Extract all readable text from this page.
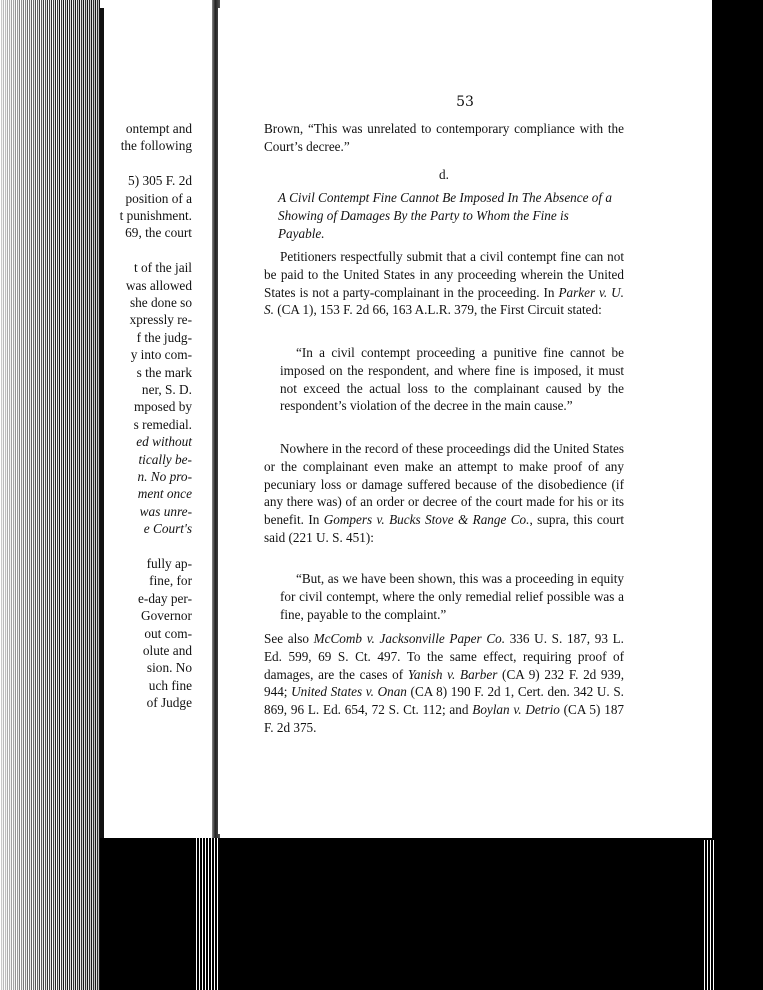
ontempt and
the following
5) 305 F. 2d
position of a
t punishment.
69, the court
t of the jail
was allowed
she done so
xpressly re-
f the judg-
y into com-
s the mark
ner, S. D.
mposed by
s remedial.
ed without
tically be-
n. No pro-
ment once
was unre-
e Court's
fully ap-
fine, for
e-day per-
Governor
out com-
olute and
sion. No
uch fine
of Judge
53

Brown, “This was unrelated to contemporary compliance with the Court’s decree.”

d.
A Civil Contempt Fine Cannot Be Imposed In The Absence of a Showing of Damages By the Party to Whom the Fine is Payable.

Petitioners respectfully submit that a civil contempt fine can not be paid to the United States in any proceeding wherein the United States is not a party-complainant in the proceeding. In Parker v. U. S. (CA 1), 153 F. 2d 66, 163 A.L.R. 379, the First Circuit stated:

“In a civil contempt proceeding a punitive fine cannot be imposed on the respondent, and where fine is imposed, it must not exceed the actual loss to the complainant caused by the respondent’s violation of the decree in the main cause.”

Nowhere in the record of these proceedings did the United States or the complainant even make an attempt to make proof of any pecuniary loss or damage suffered because of the disobedience (if any there was) of an order or decree of the court made for his or its benefit. In Gompers v. Bucks Stove & Range Co., supra, this court said (221 U. S. 451):

“But, as we have been shown, this was a proceeding in equity for civil contempt, where the only remedial relief possible was a fine, payable to the complaint.”

See also McComb v. Jacksonville Paper Co. 336 U. S. 187, 93 L. Ed. 599, 69 S. Ct. 497. To the same effect, requiring proof of damages, are the cases of Yanish v. Barber (CA 9) 232 F. 2d 939, 944; United States v. Onan (CA 8) 190 F. 2d 1, Cert. den. 342 U. S. 869, 96 L. Ed. 654, 72 S. Ct. 112; and Boylan v. Detrio (CA 5) 187 F. 2d 375.
